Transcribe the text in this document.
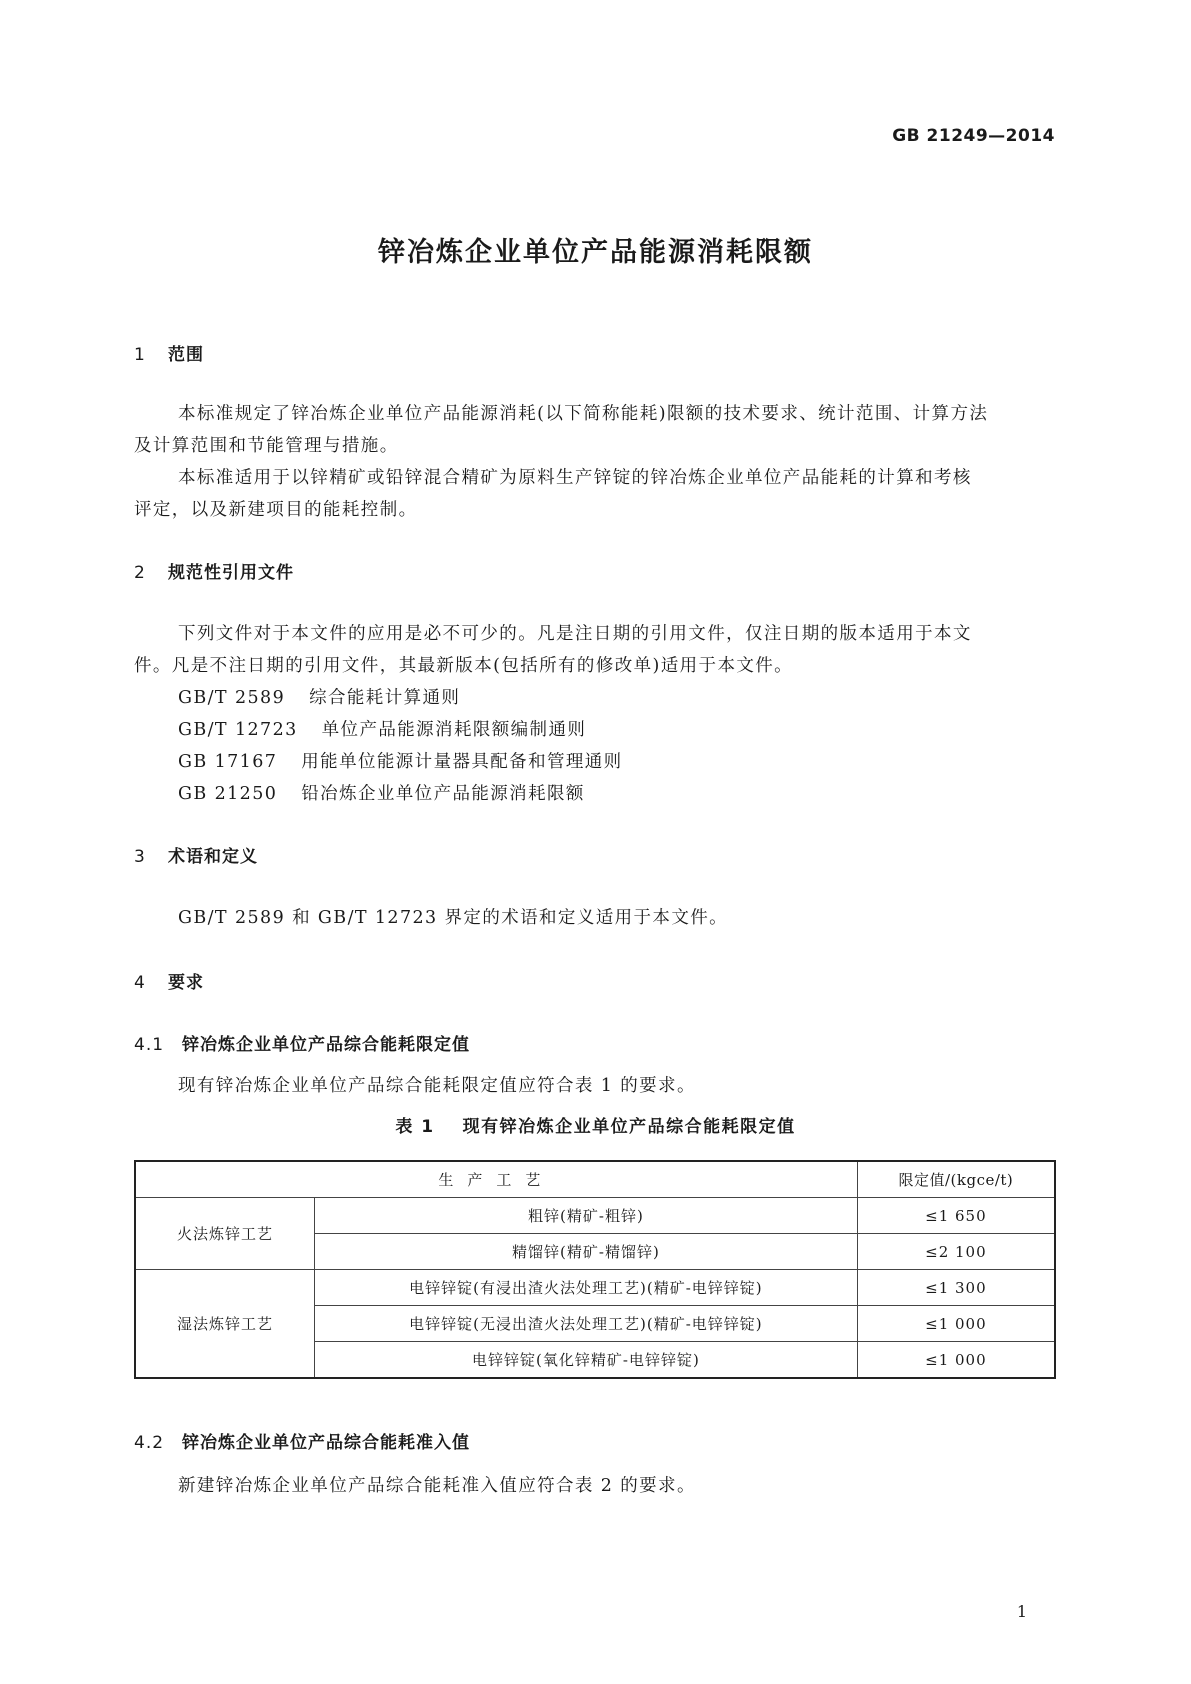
GB 21249—2014
锌冶炼企业单位产品能源消耗限额
1 范围
本标准规定了锌冶炼企业单位产品能源消耗(以下简称能耗)限额的技术要求、统计范围、计算方法
及计算范围和节能管理与措施。
本标准适用于以锌精矿或铅锌混合精矿为原料生产锌锭的锌冶炼企业单位产品能耗的计算和考核
评定，以及新建项目的能耗控制。
2 规范性引用文件
下列文件对于本文件的应用是必不可少的。凡是注日期的引用文件，仅注日期的版本适用于本文
件。凡是不注日期的引用文件，其最新版本(包括所有的修改单)适用于本文件。
GB/T 2589 综合能耗计算通则
GB/T 12723 单位产品能源消耗限额编制通则
GB 17167 用能单位能源计量器具配备和管理通则
GB 21250 铅冶炼企业单位产品能源消耗限额
3 术语和定义
GB/T 2589 和 GB/T 12723 界定的术语和定义适用于本文件。
4 要求
4.1 锌冶炼企业单位产品综合能耗限定值
现有锌冶炼企业单位产品综合能耗限定值应符合表 1 的要求。
表 1 现有锌冶炼企业单位产品综合能耗限定值
生产工艺		限定值/(kgce/t)
火法炼锌工艺	粗锌(精矿-粗锌)	≤1 650
	精馏锌(精矿-精馏锌)	≤2 100
湿法炼锌工艺	电锌锌锭(有浸出渣火法处理工艺)(精矿-电锌锌锭)	≤1 300
	电锌锌锭(无浸出渣火法处理工艺)(精矿-电锌锌锭)	≤1 000
	电锌锌锭(氧化锌精矿-电锌锌锭)	≤1 000
4.2 锌冶炼企业单位产品综合能耗准入值
新建锌冶炼企业单位产品综合能耗准入值应符合表 2 的要求。
1
